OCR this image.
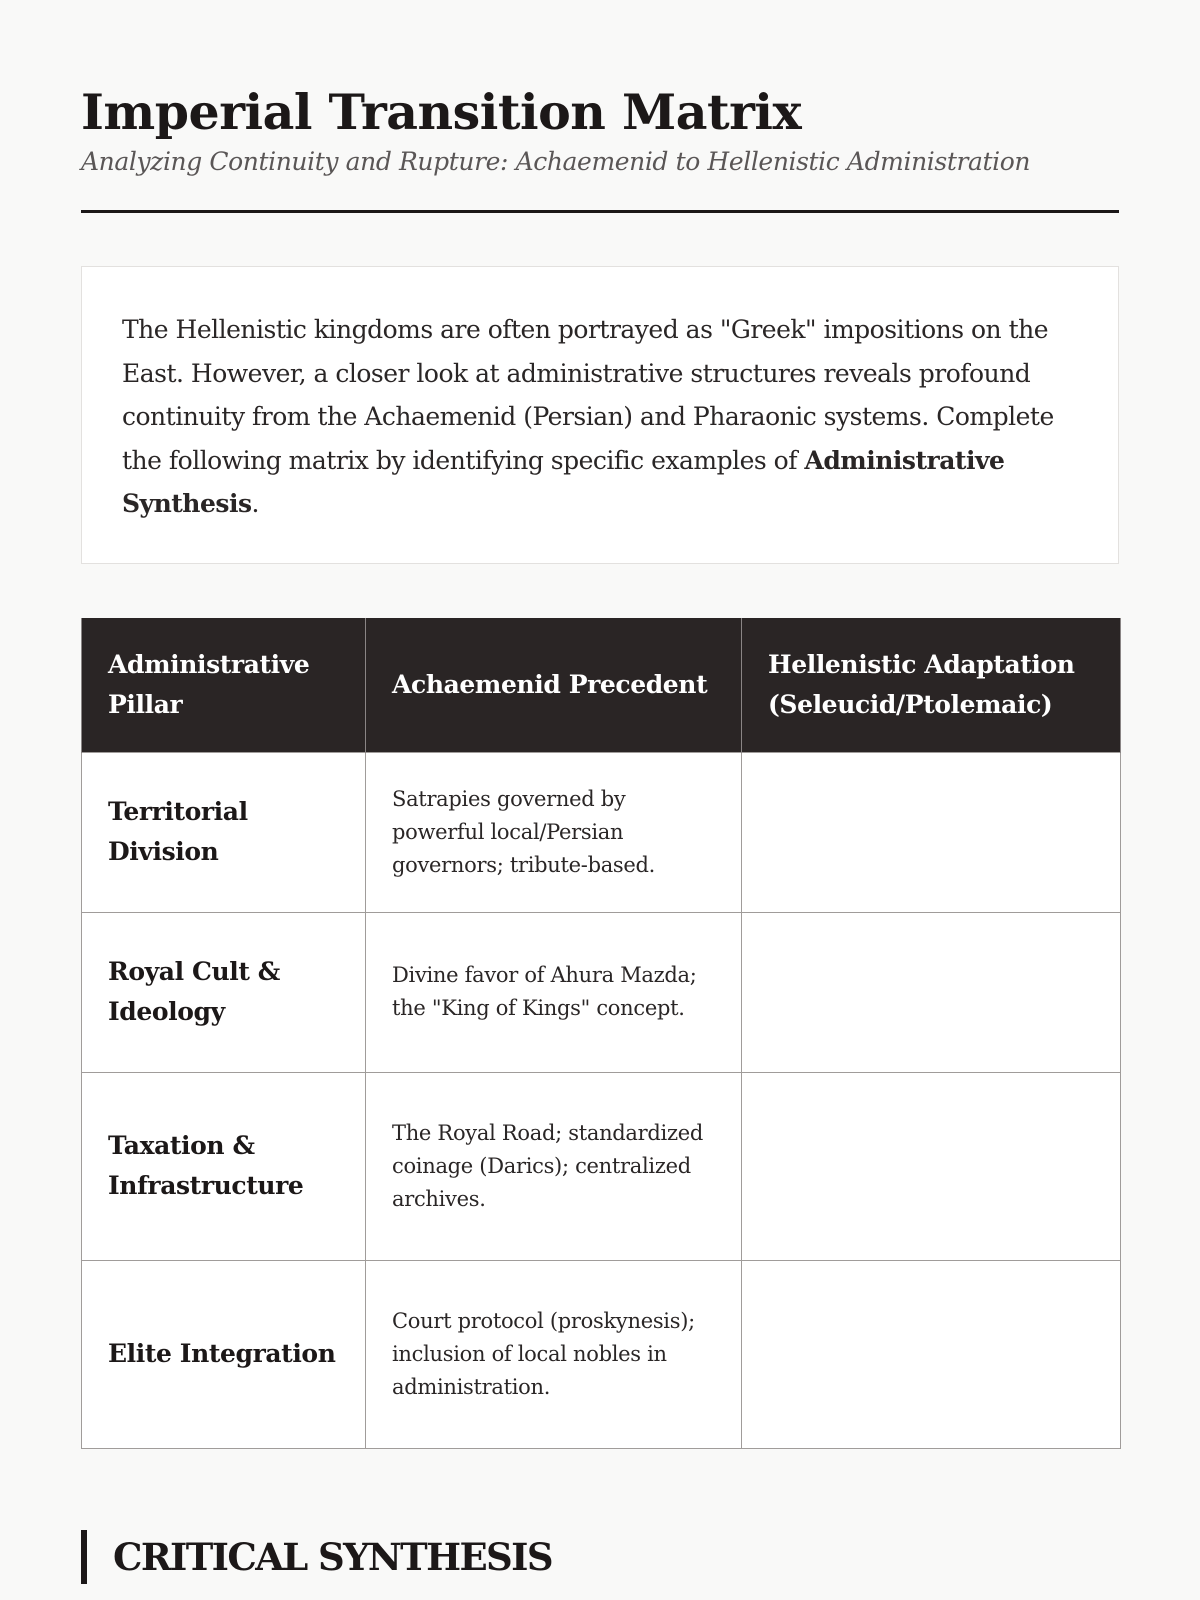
Imperial Transition Matrix

Analyzing Continuity and Rupture: Achaemenid to Hellenistic Administration

The Hellenistic kingdoms are often portrayed as "Greek" impositions on the East. However, a closer look at administrative structures reveals profound continuity from the Achaemenid (Persian) and Pharaonic systems. Complete the following matrix by identifying specific examples of Administrative Synthesis.

Administrative Pillar	Achaemenid Precedent	Hellenistic Adaptation (Seleucid/Ptolemaic)
Territorial Division	Satrapies governed by powerful local/Persian governors; tribute-based.	
Royal Cult & Ideology	Divine favor of Ahura Mazda; the "King of Kings" concept.	
Taxation & Infrastructure	The Royal Road; standardized coinage (Darics); centralized archives.	
Elite Integration	Court protocol (proskynesis); inclusion of local nobles in administration.	
CRITICAL SYNTHESIS
